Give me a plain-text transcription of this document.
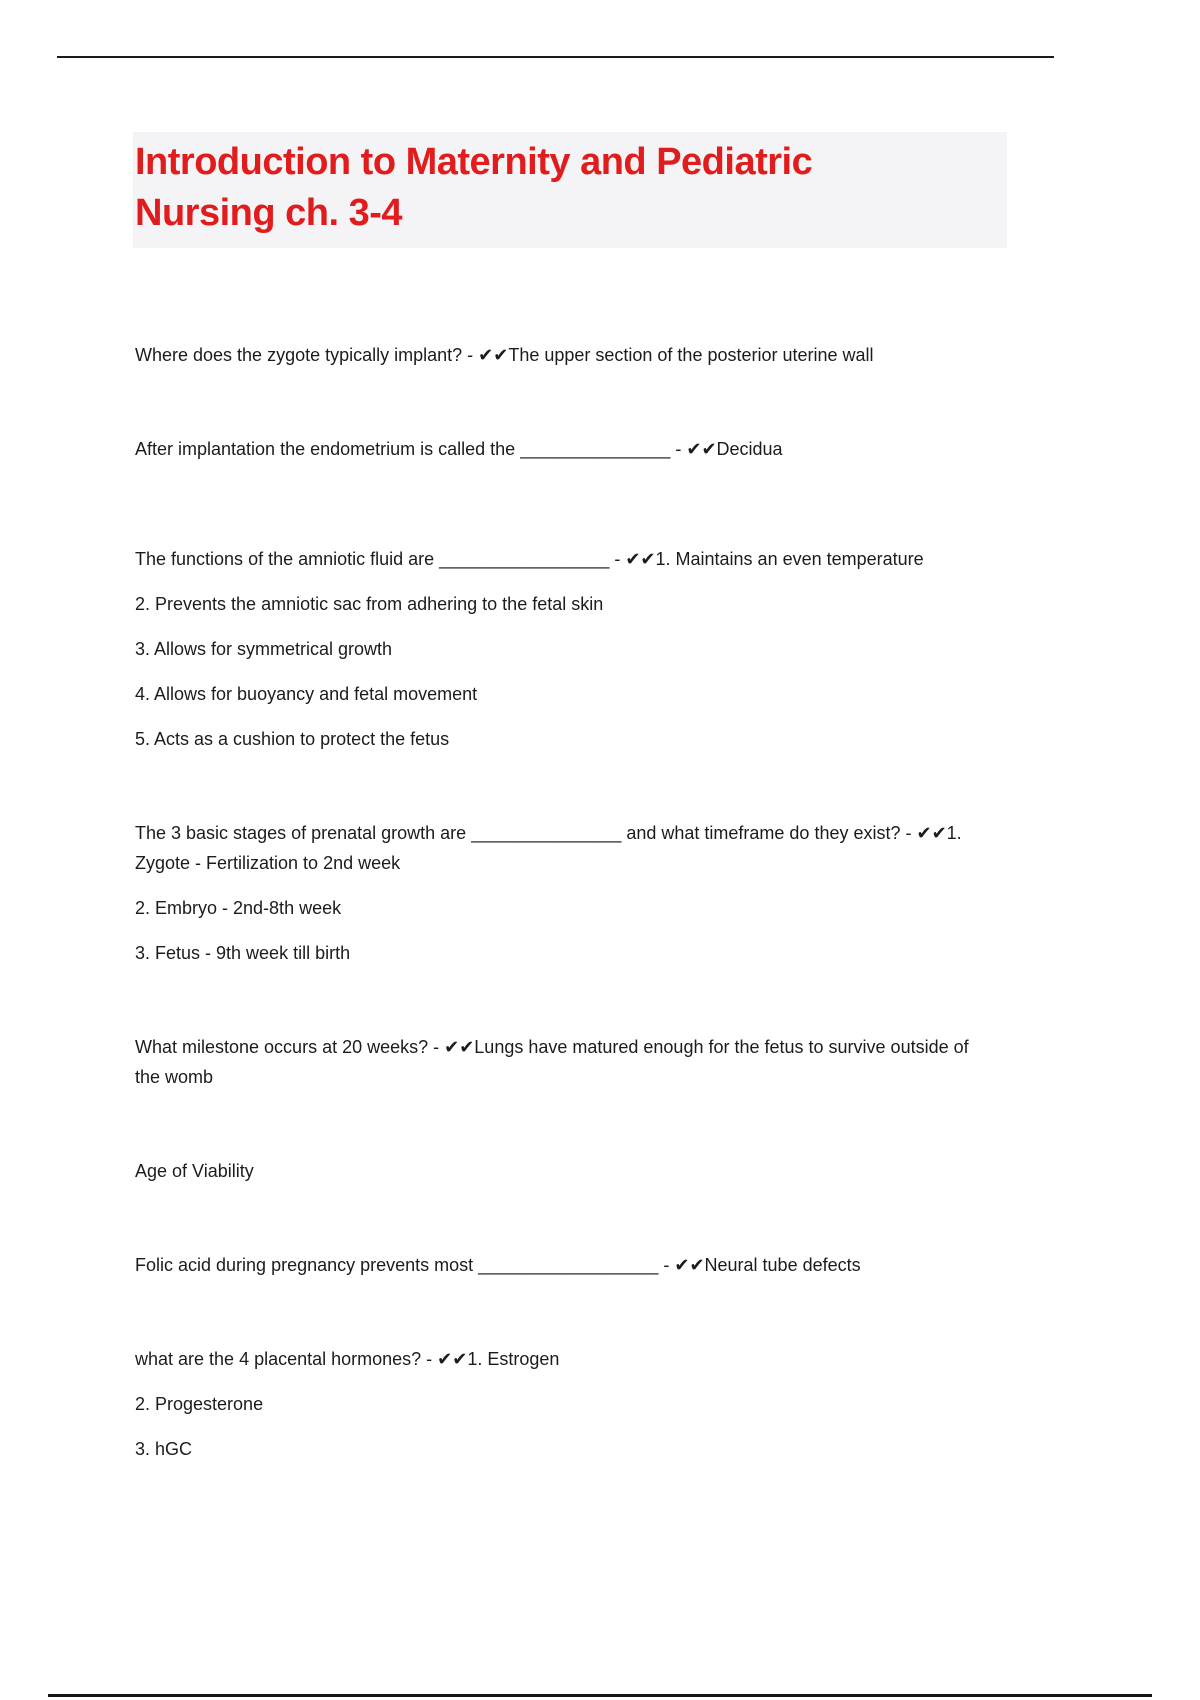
Introduction to Maternity and Pediatric
Nursing ch. 3-4

Where does the zygote typically implant? - ✔✔The upper section of the posterior uterine wall

After implantation the endometrium is called the _______________ - ✔✔Decidua

The functions of the amniotic fluid are _________________ - ✔✔1. Maintains an even temperature

2. Prevents the amniotic sac from adhering to the fetal skin

3. Allows for symmetrical growth

4. Allows for buoyancy and fetal movement

5. Acts as a cushion to protect the fetus

The 3 basic stages of prenatal growth are _______________ and what timeframe do they exist? - ✔✔1.

Zygote - Fertilization to 2nd week

2. Embryo - 2nd-8th week

3. Fetus - 9th week till birth

What milestone occurs at 20 weeks? - ✔✔Lungs have matured enough for the fetus to survive outside of

the womb

Age of Viability

Folic acid during pregnancy prevents most __________________ - ✔✔Neural tube defects

what are the 4 placental hormones? - ✔✔1. Estrogen

2. Progesterone

3. hGC
